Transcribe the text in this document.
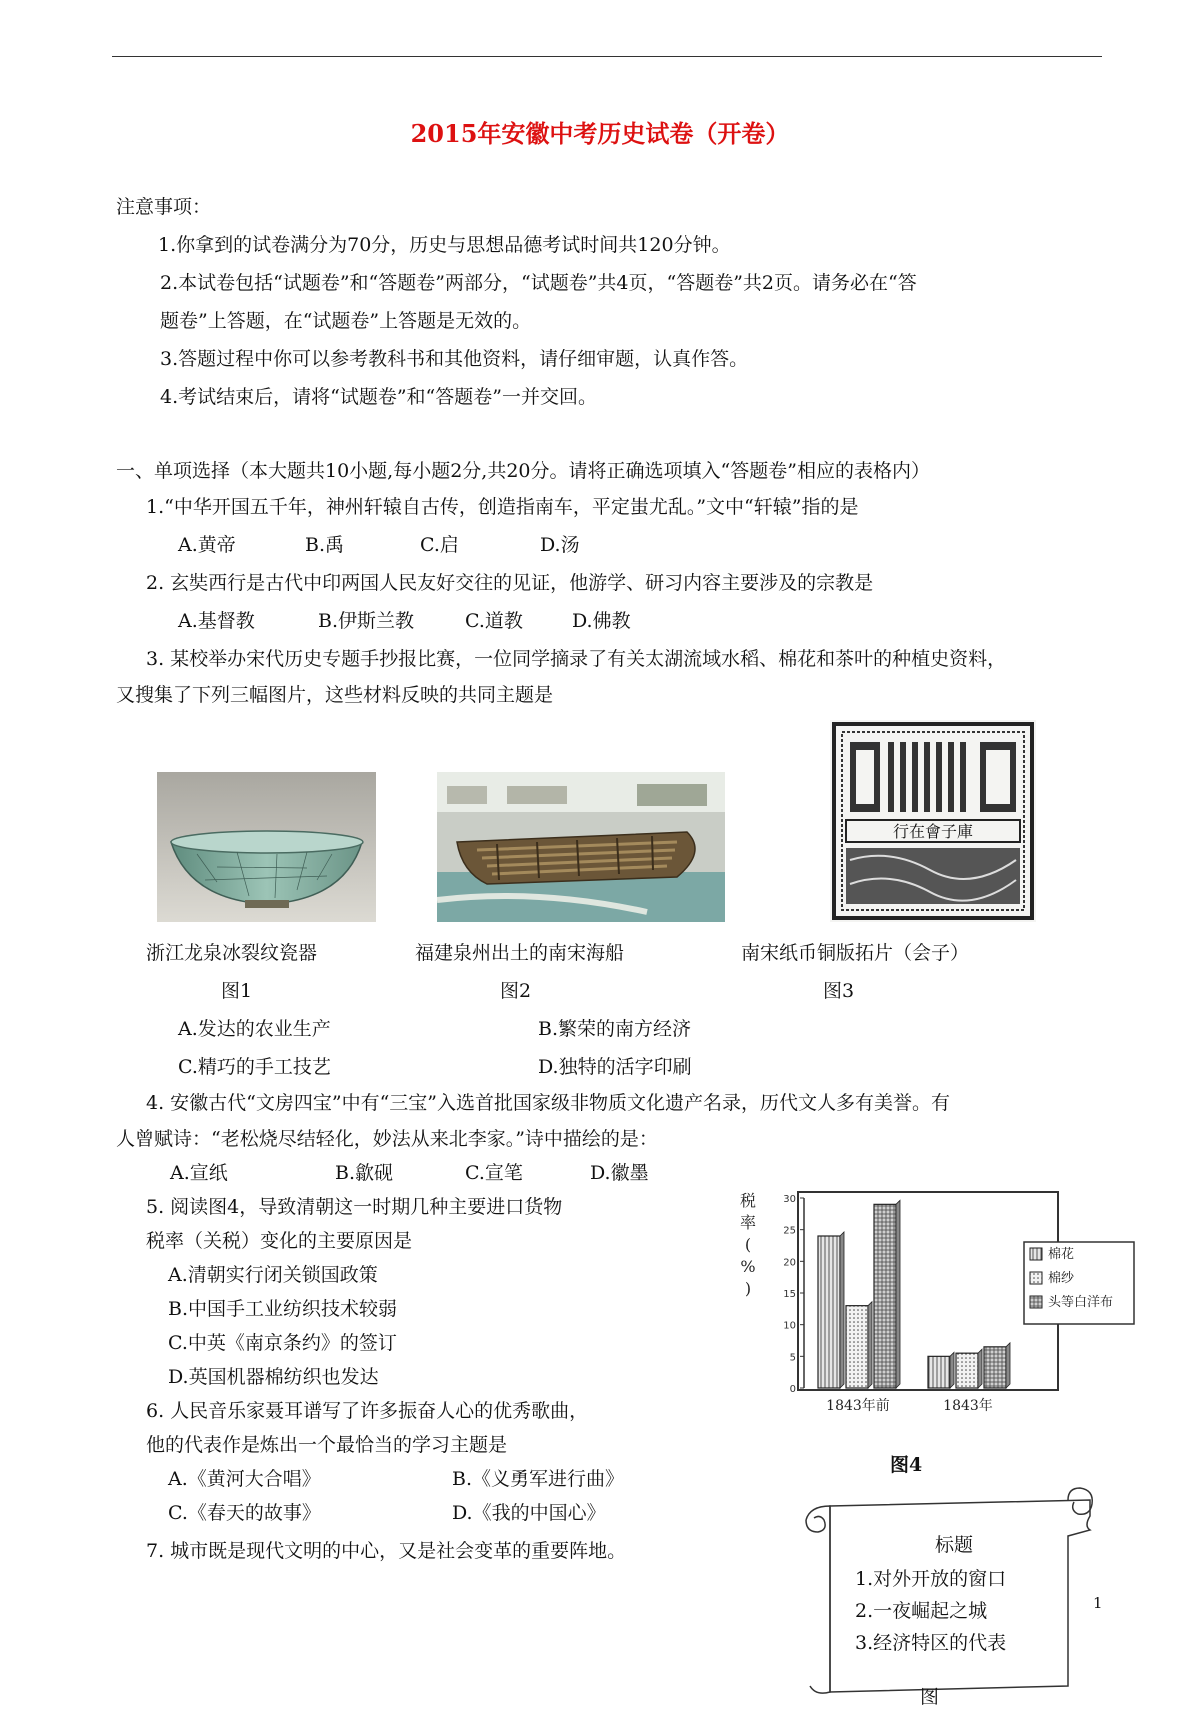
2015年安徽中考历史试卷（开卷）
注意事项：
1.你拿到的试卷满分为70分，历史与思想品德考试时间共120分钟。
2.本试卷包括“试题卷”和“答题卷”两部分，“试题卷”共4页，“答题卷”共2页。请务必在“答
题卷”上答题，在“试题卷”上答题是无效的。
3.答题过程中你可以参考教科书和其他资料，请仔细审题，认真作答。
4.考试结束后，请将“试题卷”和“答题卷”一并交回。
一、单项选择（本大题共10小题,每小题2分,共20分。请将正确选项填入“答题卷”相应的表格内）
1.“中华开国五千年，神州轩辕自古传，创造指南车，平定蚩尤乱。”文中“轩辕”指的是
A.黄帝	B.禹	C.启	D.汤
2. 玄奘西行是古代中印两国人民友好交往的见证，他游学、研习内容主要涉及的宗教是
A.基督教	B.伊斯兰教	C.道教	D.佛教
3. 某校举办宋代历史专题手抄报比赛，一位同学摘录了有关太湖流域水稻、棉花和茶叶的种植史资料，
又搜集了下列三幅图片，这些材料反映的共同主题是
行在會子庫
浙江龙泉冰裂纹瓷器	福建泉州出土的南宋海船	南宋纸币铜版拓片（会子）
图1	图2	图3
A.发达的农业生产	B.繁荣的南方经济
C.精巧的手工技艺	D.独特的活字印刷
4. 安徽古代“文房四宝”中有“三宝”入选首批国家级非物质文化遗产名录，历代文人多有美誉。有
人曾赋诗：“老松烧尽结轻化，妙法从来北李家。”诗中描绘的是：
A.宣纸	B.歙砚	C.宣笔	D.徽墨
5. 阅读图4，导致清朝这一时期几种主要进口货物
税率（关税）变化的主要原因是
A.清朝实行闭关锁国政策
B.中国手工业纺织技术较弱
C.中英《南京条约》的签订
D.英国机器棉纺织也发达
6. 人民音乐家聂耳谱写了许多振奋人心的优秀歌曲，
他的代表作是炼出一个最恰当的学习主题是
A.《黄河大合唱》	B.《义勇军进行曲》
C.《春天的故事》	D.《我的中国心》
7. 城市既是现代文明的中心，又是社会变革的重要阵地。
税
率
(
%
)
0
5
10
15
20
25
30
1843年前	1843年
棉花
棉纱
头等白洋布
图4
标题
1.对外开放的窗口
2.一夜崛起之城
3.经济特区的代表
1
图
